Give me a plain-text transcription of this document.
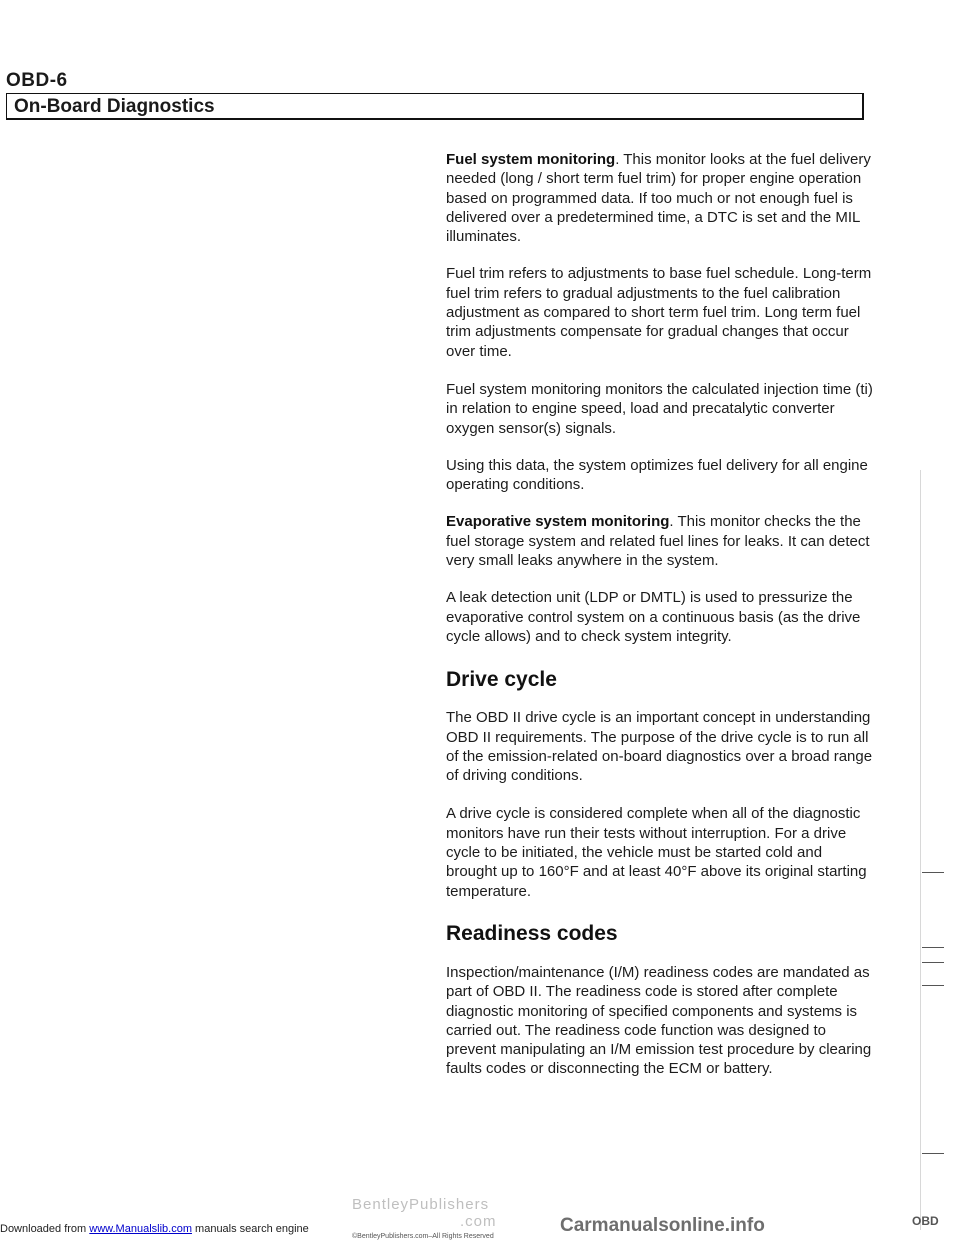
OBD-6
On-Board Diagnostics

Fuel system monitoring. This monitor looks at the fuel delivery needed (long / short term fuel trim) for proper engine operation based on programmed data. If too much or not enough fuel is delivered over a predetermined time, a DTC is set and the MIL illuminates.

Fuel trim refers to adjustments to base fuel schedule. Long-term fuel trim refers to gradual adjustments to the fuel calibration adjustment as compared to short term fuel trim. Long term fuel trim adjustments compensate for gradual changes that occur over time.

Fuel system monitoring monitors the calculated injection time (ti) in relation to engine speed, load and precatalytic converter oxygen sensor(s) signals.

Using this data, the system optimizes fuel delivery for all engine operating conditions.

Evaporative system monitoring. This monitor checks the the fuel storage system and related fuel lines for leaks. It can detect very small leaks anywhere in the system.

A leak detection unit (LDP or DMTL) is used to pressurize the evaporative control system on a continuous basis (as the drive cycle allows) and to check system integrity.

Drive cycle

The OBD II drive cycle is an important concept in understanding OBD II requirements. The purpose of the drive cycle is to run all of the emission-related on-board diagnostics over a broad range of driving conditions.

A drive cycle is considered complete when all of the diagnostic monitors have run their tests without interruption. For a drive cycle to be initiated, the vehicle must be started cold and brought up to 160°F and at least 40°F above its original starting temperature.

Readiness codes

Inspection/maintenance (I/M) readiness codes are mandated as part of OBD II. The readiness code is stored after complete diagnostic monitoring of specified components and systems is carried out. The readiness code function was designed to prevent manipulating an I/M emission test procedure by clearing faults codes or disconnecting the ECM or battery.

BentleyPublishers
.com
©BentleyPublishers.com–All Rights Reserved
Carmanualsonline.info	OBD
Downloaded from www.Manualslib.com manuals search engine
